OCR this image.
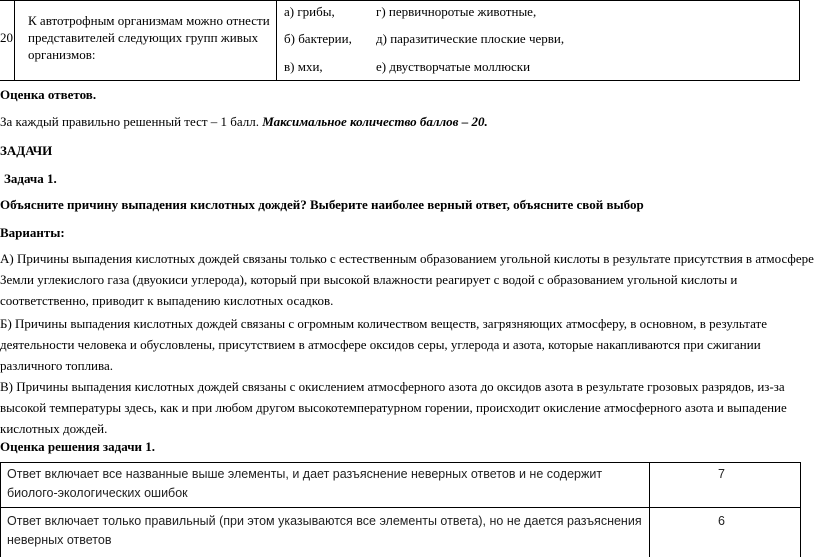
20
К автотрофным организмам можно отнести
представителей следующих групп живых
организмов:
а) грибы,
б) бактерии,
в) мхи,
г) первичноротые животные,
д) паразитические плоские черви,
е) двустворчатые моллюски
Оценка ответов.
За каждый правильно решенный тест – 1 балл. Максимальное количество баллов – 20.
ЗАДАЧИ
Задача 1.
Объясните причину выпадения кислотных дождей? Выберите наиболее верный ответ, объясните свой выбор
Варианты:
А) Причины выпадения кислотных дождей связаны только с естественным образованием угольной кислоты в результате присутствия в атмосфере
Земли углекислого газа (двуокиси углерода), который при высокой влажности реагирует с водой с образованием угольной кислоты и
соответственно, приводит к выпадению кислотных осадков.
Б) Причины выпадения кислотных дождей связаны с огромным количеством веществ, загрязняющих атмосферу, в основном, в результате
деятельности человека и обусловлены, присутствием в атмосфере оксидов серы, углерода и азота, которые накапливаются при сжигании
различного топлива.
В) Причины выпадения кислотных дождей связаны с окислением атмосферного азота до оксидов азота в результате грозовых разрядов, из-за
высокой температуры здесь, как и при любом другом высокотемпературном горении, происходит окисление атмосферного азота и выпадение
кислотных дождей.
Оценка решения задачи 1.
Ответ включает все названные выше элементы, и дает разъяснение неверных ответов и не содержит
биолого-экологических ошибок
7
Ответ включает только правильный (при этом указываются все элементы ответа), но не дается разъяснения
неверных ответов
6
